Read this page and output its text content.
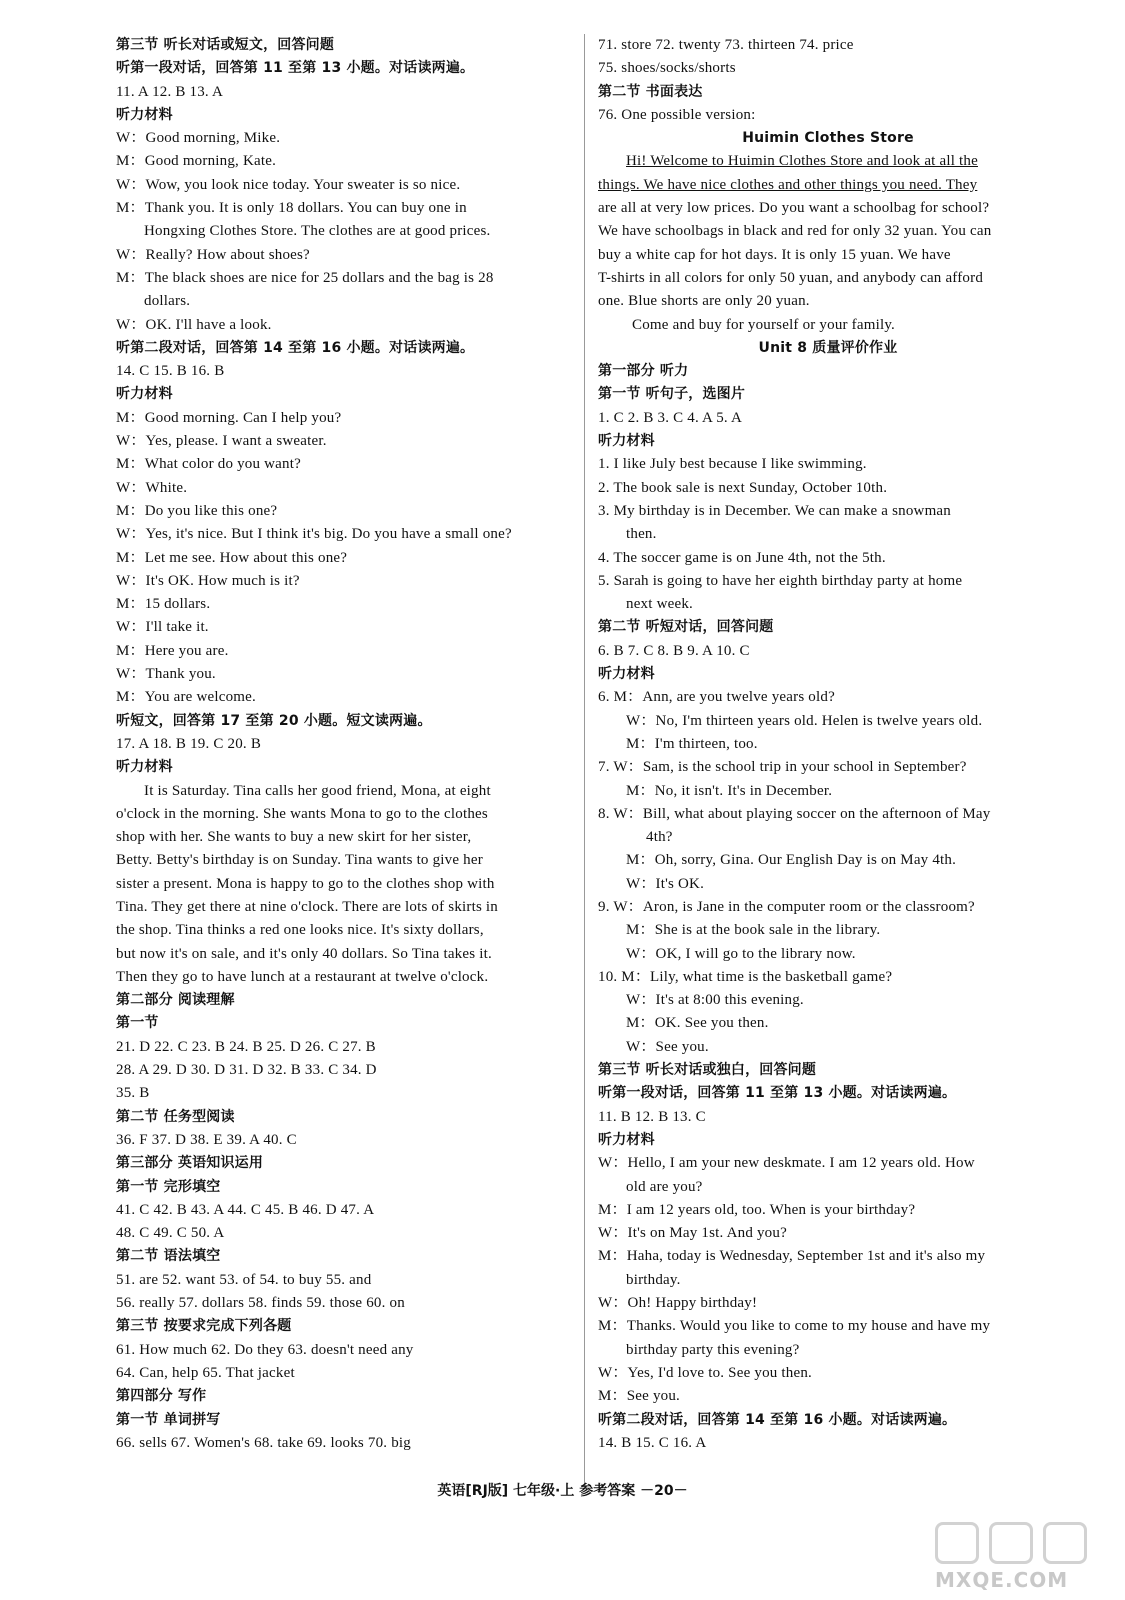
第三节 听长对话或短文，回答问题
听第一段对话，回答第 11 至第 13 小题。对话读两遍。
11. A 12. B 13. A
听力材料
W：Good morning, Mike.
M：Good morning, Kate.
W：Wow, you look nice today. Your sweater is so nice.
M：Thank you. It is only 18 dollars. You can buy one in
Hongxing Clothes Store. The clothes are at good prices.
W：Really? How about shoes?
M：The black shoes are nice for 25 dollars and the bag is 28
dollars.
W：OK. I'll have a look.
听第二段对话，回答第 14 至第 16 小题。对话读两遍。
14. C 15. B 16. B
听力材料
M：Good morning. Can I help you?
W：Yes, please. I want a sweater.
M：What color do you want?
W：White.
M：Do you like this one?
W：Yes, it's nice. But I think it's big. Do you have a small one?
M：Let me see. How about this one?
W：It's OK. How much is it?
M：15 dollars.
W：I'll take it.
M：Here you are.
W：Thank you.
M：You are welcome.
听短文，回答第 17 至第 20 小题。短文读两遍。
17. A 18. B 19. C 20. B
听力材料
It is Saturday. Tina calls her good friend, Mona, at eight
o'clock in the morning. She wants Mona to go to the clothes
shop with her. She wants to buy a new skirt for her sister,
Betty. Betty's birthday is on Sunday. Tina wants to give her
sister a present. Mona is happy to go to the clothes shop with
Tina. They get there at nine o'clock. There are lots of skirts in
the shop. Tina thinks a red one looks nice. It's sixty dollars,
but now it's on sale, and it's only 40 dollars. So Tina takes it.
Then they go to have lunch at a restaurant at twelve o'clock.
第二部分 阅读理解
第一节
21. D 22. C 23. B 24. B 25. D 26. C 27. B
28. A 29. D 30. D 31. D 32. B 33. C 34. D
35. B
第二节 任务型阅读
36. F 37. D 38. E 39. A 40. C
第三部分 英语知识运用
第一节 完形填空
41. C 42. B 43. A 44. C 45. B 46. D 47. A
48. C 49. C 50. A
第二节 语法填空
51. are 52. want 53. of 54. to buy 55. and
56. really 57. dollars 58. finds 59. those 60. on
第三节 按要求完成下列各题
61. How much 62. Do they 63. doesn't need any
64. Can, help 65. That jacket
第四部分 写作
第一节 单词拼写
66. sells 67. Women's 68. take 69. looks 70. big
71. store 72. twenty 73. thirteen 74. price
75. shoes/socks/shorts
第二节 书面表达
76. One possible version:
Huimin Clothes Store
Hi! Welcome to Huimin Clothes Store and look at all the
things. We have nice clothes and other things you need. They
are all at very low prices. Do you want a schoolbag for school?
We have schoolbags in black and red for only 32 yuan. You can
buy a white cap for hot days. It is only 15 yuan. We have
T-shirts in all colors for only 50 yuan, and anybody can afford
one. Blue shorts are only 20 yuan.
Come and buy for yourself or your family.
Unit 8 质量评价作业
第一部分 听力
第一节 听句子，选图片
1. C 2. B 3. C 4. A 5. A
听力材料
1. I like July best because I like swimming.
2. The book sale is next Sunday, October 10th.
3. My birthday is in December. We can make a snowman
then.
4. The soccer game is on June 4th, not the 5th.
5. Sarah is going to have her eighth birthday party at home
next week.
第二节 听短对话，回答问题
6. B 7. C 8. B 9. A 10. C
听力材料
6. M：Ann, are you twelve years old?
W：No, I'm thirteen years old. Helen is twelve years old.
M：I'm thirteen, too.
7. W：Sam, is the school trip in your school in September?
M：No, it isn't. It's in December.
8. W：Bill, what about playing soccer on the afternoon of May
4th?
M：Oh, sorry, Gina. Our English Day is on May 4th.
W：It's OK.
9. W：Aron, is Jane in the computer room or the classroom?
M：She is at the book sale in the library.
W：OK, I will go to the library now.
10. M：Lily, what time is the basketball game?
W：It's at 8:00 this evening.
M：OK. See you then.
W：See you.
第三节 听长对话或独白，回答问题
听第一段对话，回答第 11 至第 13 小题。对话读两遍。
11. B 12. B 13. C
听力材料
W：Hello, I am your new deskmate. I am 12 years old. How
old are you?
M：I am 12 years old, too. When is your birthday?
W：It's on May 1st. And you?
M：Haha, today is Wednesday, September 1st and it's also my
birthday.
W：Oh! Happy birthday!
M：Thanks. Would you like to come to my house and have my
birthday party this evening?
W：Yes, I'd love to. See you then.
M：See you.
听第二段对话，回答第 14 至第 16 小题。对话读两遍。
14. B 15. C 16. A
英语[RJ版] 七年级·上 参考答案 －20－
MXQE.COM
